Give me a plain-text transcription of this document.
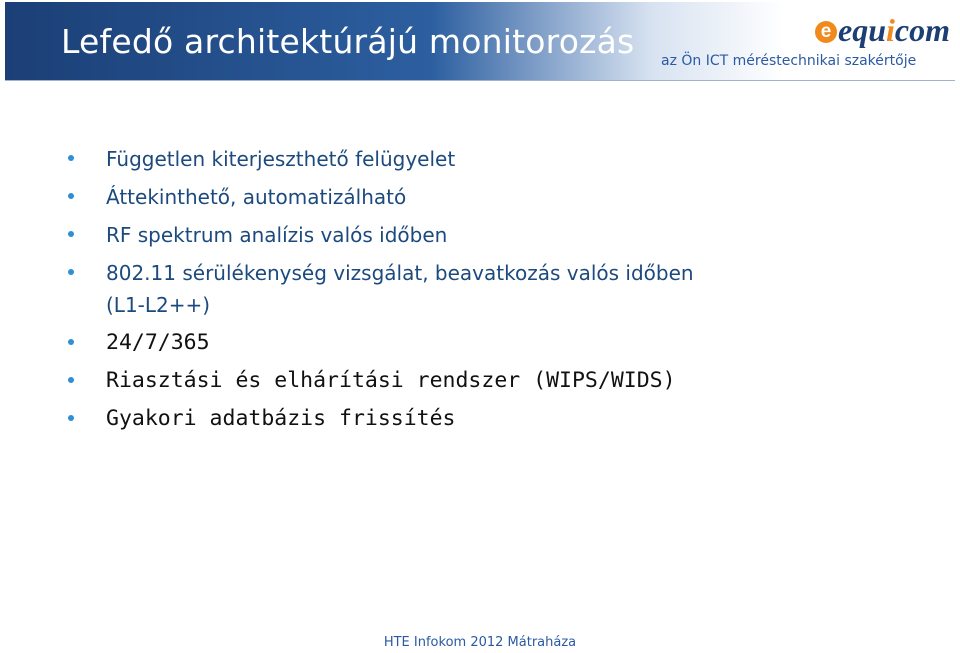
Lefedő architektúrájú monitorozás	e equicom
az Ön ICT méréstechnikai szakértője
Független kiterjeszthető felügyelet
Áttekinthető, automatizálható
RF spektrum analízis valós időben
802.11 sérülékenység vizsgálat, beavatkozás valós időben (L1-L2++)
24/7/365
Riasztási és elhárítási rendszer (WIPS/WIDS)
Gyakori adatbázis frissítés
HTE Infokom 2012 Mátraháza
